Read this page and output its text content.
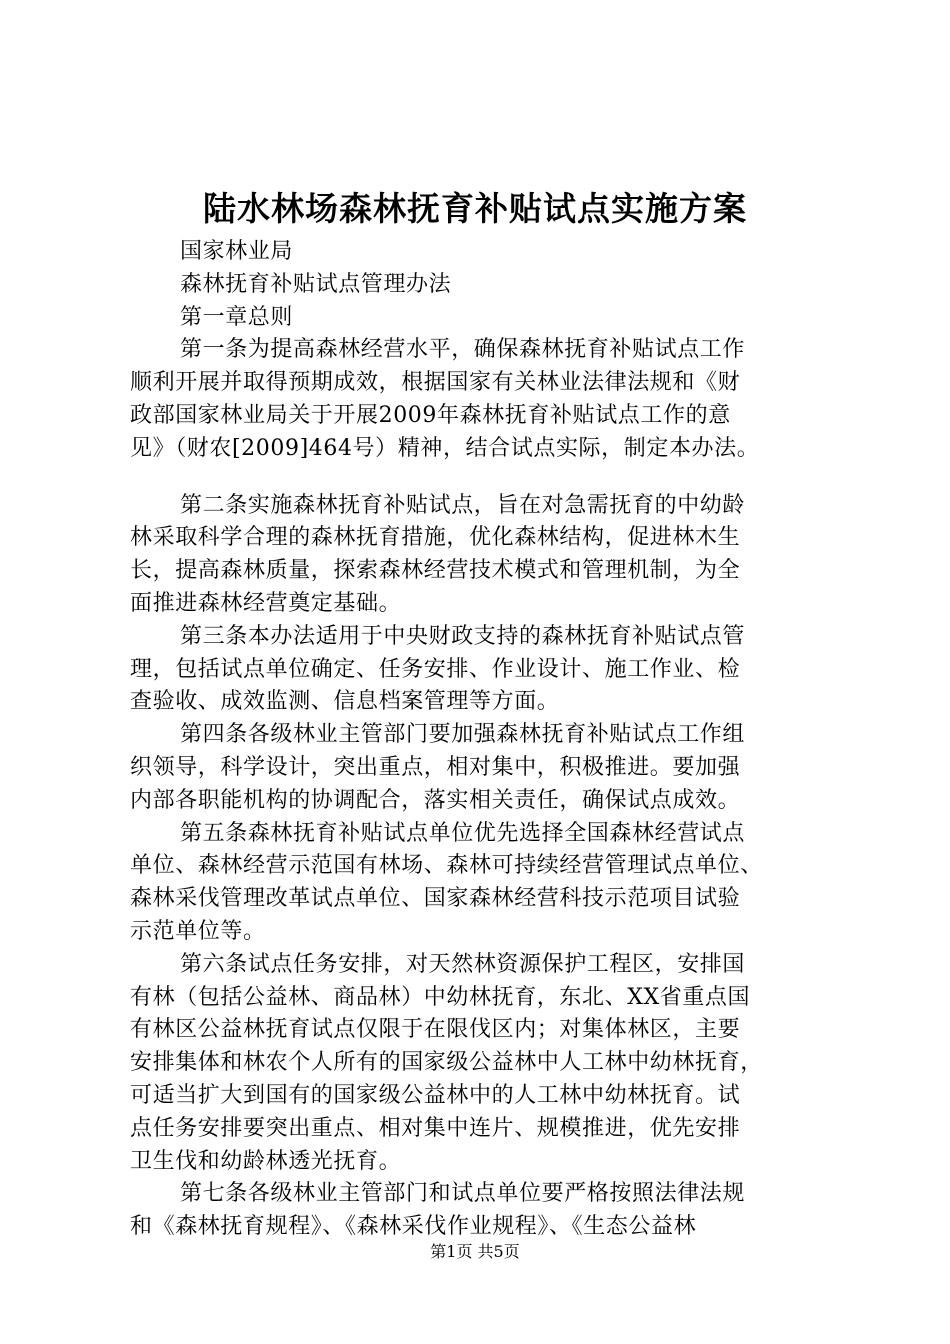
陆水林场森林抚育补贴试点实施方案
国家林业局
森林抚育补贴试点管理办法
第一章总则
第一条为提高森林经营水平，确保森林抚育补贴试点工作
顺利开展并取得预期成效，根据国家有关林业法律法规和《财
政部国家林业局关于开展2009年森林抚育补贴试点工作的意
见》（财农[2009]464号）精神，结合试点实际，制定本办法。
第二条实施森林抚育补贴试点，旨在对急需抚育的中幼龄
林采取科学合理的森林抚育措施，优化森林结构，促进林木生
长，提高森林质量，探索森林经营技术模式和管理机制，为全
面推进森林经营奠定基础。
第三条本办法适用于中央财政支持的森林抚育补贴试点管
理，包括试点单位确定、任务安排、作业设计、施工作业、检
查验收、成效监测、信息档案管理等方面。
第四条各级林业主管部门要加强森林抚育补贴试点工作组
织领导，科学设计，突出重点，相对集中，积极推进。要加强
内部各职能机构的协调配合，落实相关责任，确保试点成效。
第五条森林抚育补贴试点单位优先选择全国森林经营试点
单位、森林经营示范国有林场、森林可持续经营管理试点单位、
森林采伐管理改革试点单位、国家森林经营科技示范项目试验
示范单位等。
第六条试点任务安排，对天然林资源保护工程区，安排国
有林（包括公益林、商品林）中幼林抚育，东北、XX省重点国
有林区公益林抚育试点仅限于在限伐区内；对集体林区，主要
安排集体和林农个人所有的国家级公益林中人工林中幼林抚育，
可适当扩大到国有的国家级公益林中的人工林中幼林抚育。试
点任务安排要突出重点、相对集中连片、规模推进，优先安排
卫生伐和幼龄林透光抚育。
第七条各级林业主管部门和试点单位要严格按照法律法规
和《森林抚育规程》、《森林采伐作业规程》、《生态公益林
第1页 共5页
